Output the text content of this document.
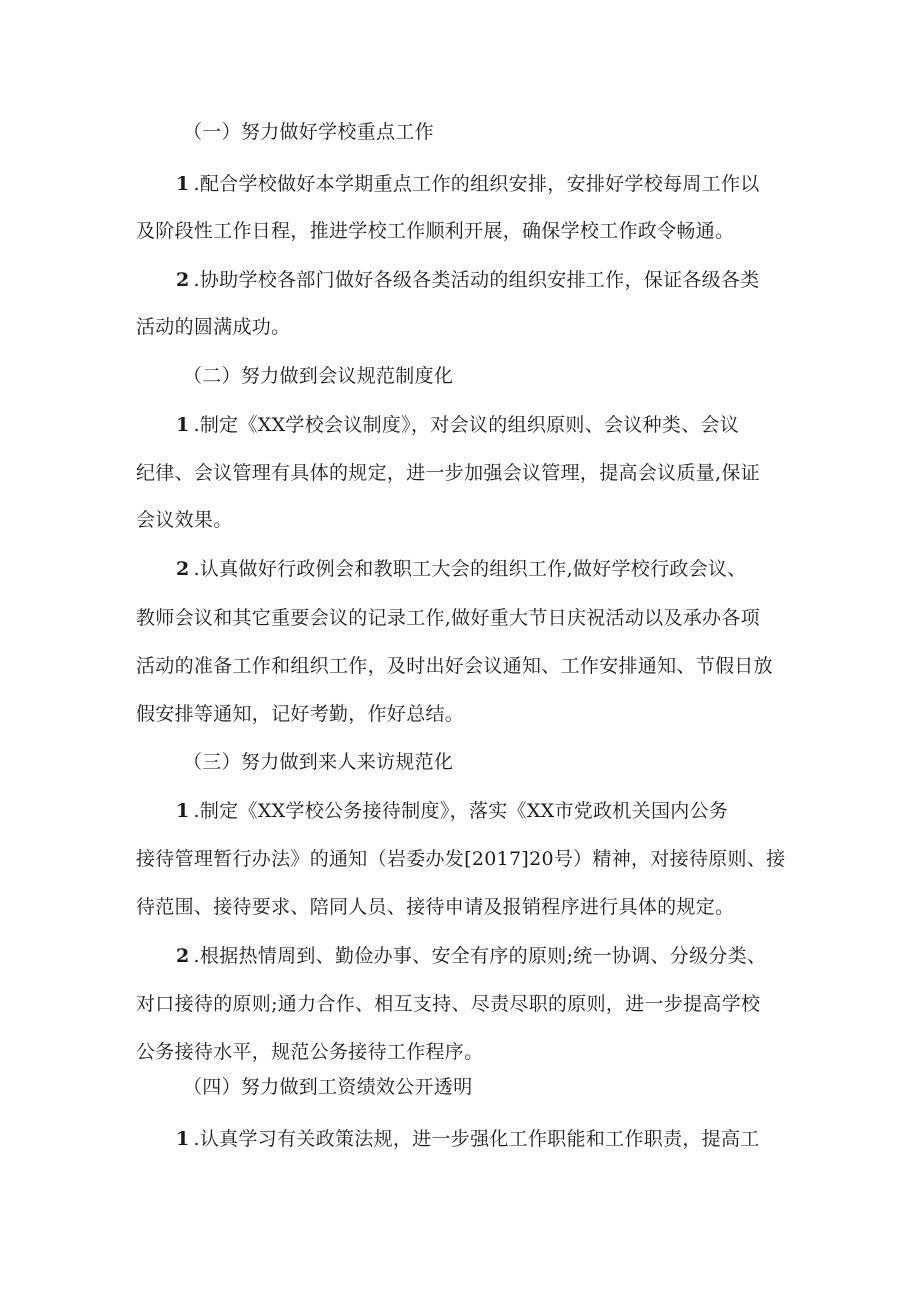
（一）努力做好学校重点工作
1 .配合学校做好本学期重点工作的组织安排，安排好学校每周工作以
及阶段性工作日程，推进学校工作顺利开展，确保学校工作政令畅通。
2 .协助学校各部门做好各级各类活动的组织安排工作，保证各级各类
活动的圆满成功。
（二）努力做到会议规范制度化
1 .制定《XX学校会议制度》，对会议的组织原则、会议种类、会议
纪律、会议管理有具体的规定，进一步加强会议管理，提高会议质量,保证
会议效果。
2 .认真做好行政例会和教职工大会的组织工作,做好学校行政会议、
教师会议和其它重要会议的记录工作,做好重大节日庆祝活动以及承办各项
活动的准备工作和组织工作，及时出好会议通知、工作安排通知、节假日放
假安排等通知，记好考勤，作好总结。
（三）努力做到来人来访规范化
1 .制定《XX学校公务接待制度》，落实《XX市党政机关国内公务
接待管理暂行办法》的通知（岩委办发[2017]20号）精神，对接待原则、接
待范围、接待要求、陪同人员、接待申请及报销程序进行具体的规定。
2 .根据热情周到、勤俭办事、安全有序的原则;统一协调、分级分类、
对口接待的原则;通力合作、相互支持、尽责尽职的原则，进一步提高学校
公务接待水平，规范公务接待工作程序。
（四）努力做到工资绩效公开透明
1 .认真学习有关政策法规，进一步强化工作职能和工作职责，提高工
